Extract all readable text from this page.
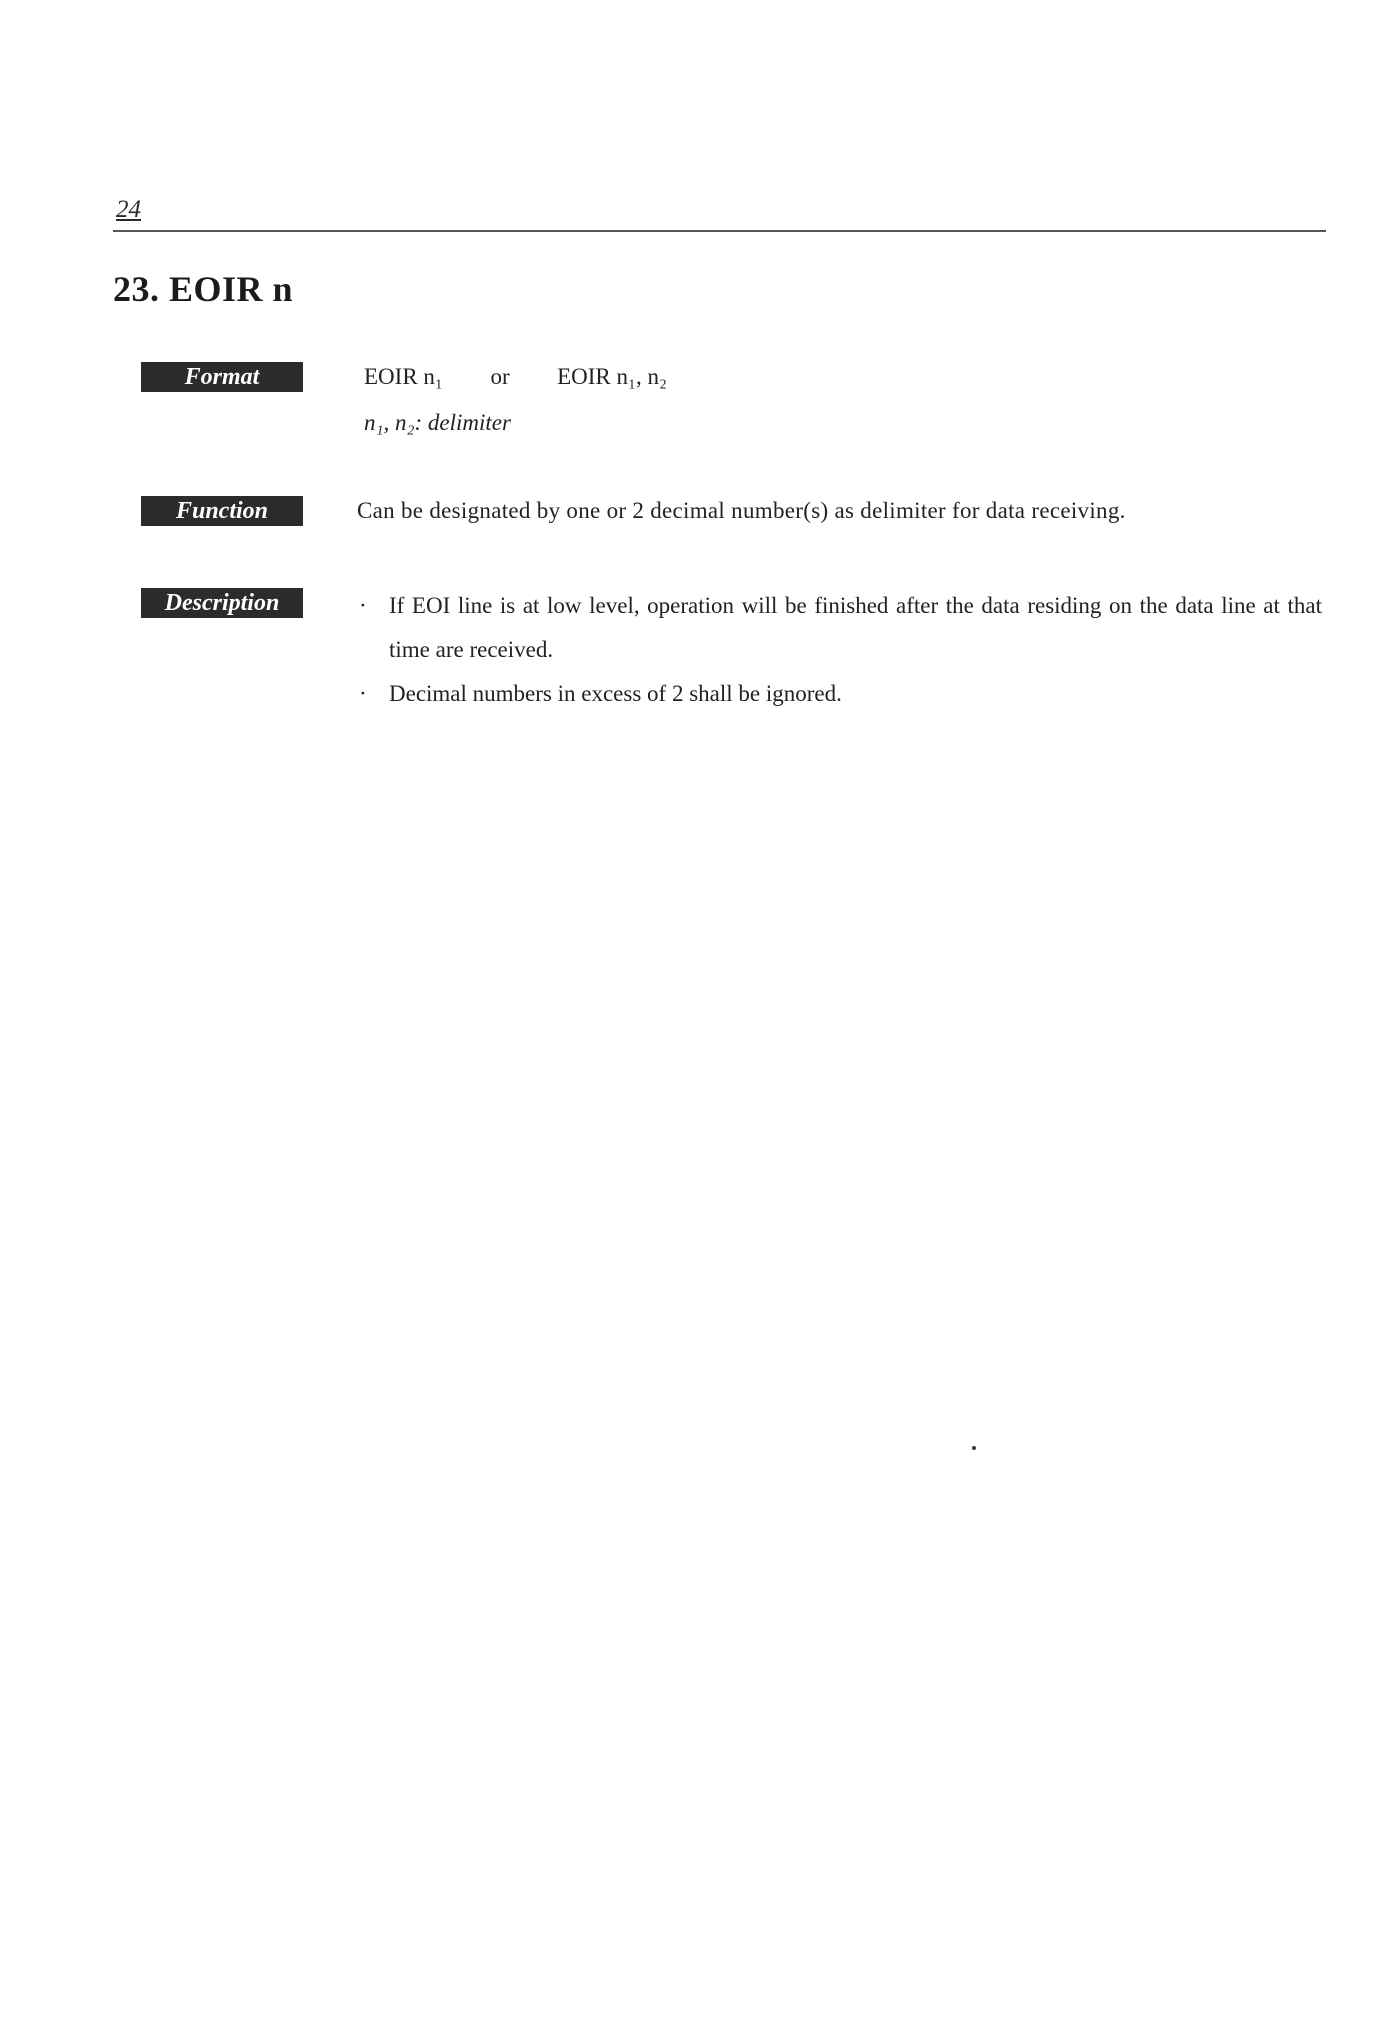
24
23. EOIR n
Format	EOIR n₁ or EOIR n₁, n₂
n₁, n₂: delimiter
Function	Can be designated by one or 2 decimal number(s) as delimiter for data receiving.
Description	· If EOI line is at low level, operation will be finished after the data residing on the data line at that time are received.
· Decimal numbers in excess of 2 shall be ignored.
